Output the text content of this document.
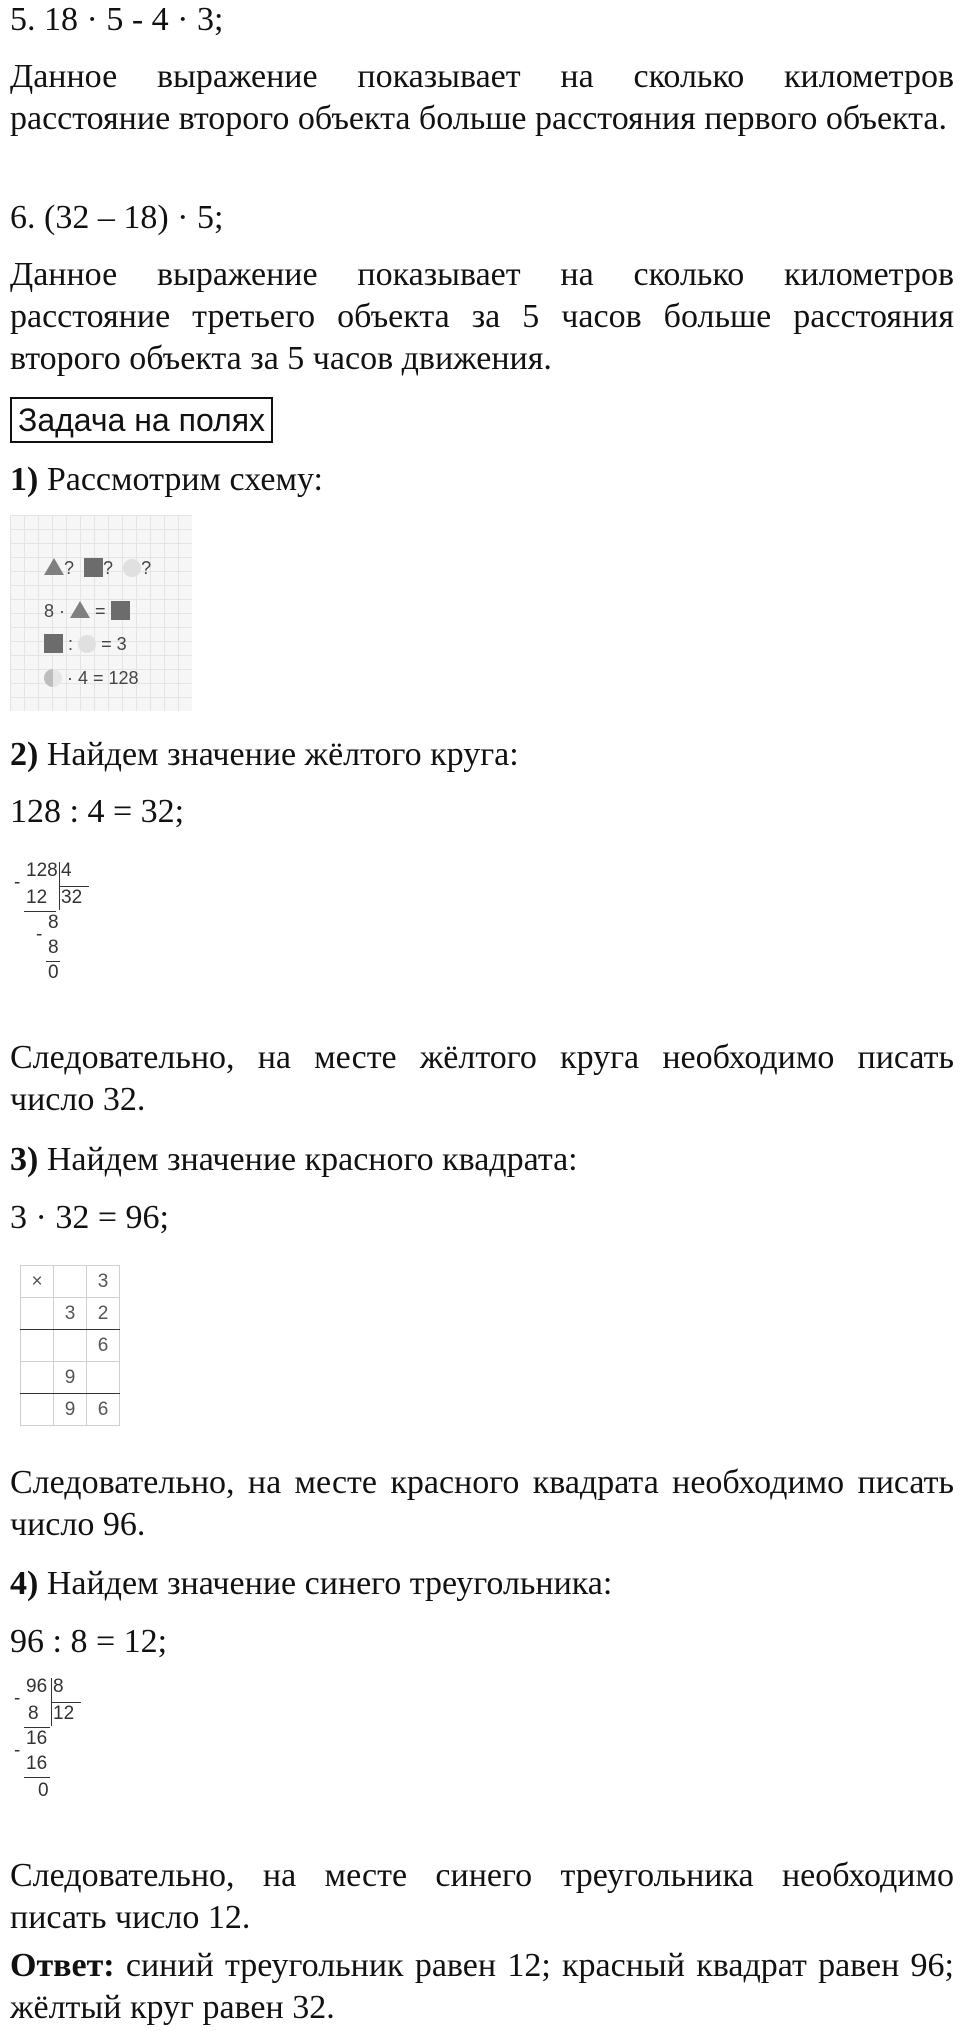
5. 18 · 5 - 4 · 3;

Данное выражение показывает на сколько километров расстояние второго объекта больше расстояния первого объекта.

6. (32 – 18) · 5;

Данное выражение показывает на сколько километров расстояние третьего объекта за 5 часов больше расстояния второго объекта за 5 часов движения.

Задача на полях

1) Рассмотрим схему:

? ? ?
8 · =
: = 3
· 4 = 128

2) Найдем значение жёлтого круга:

128 : 4 = 32;

128 4
-
12 32
8
-
8
0

Следовательно, на месте жёлтого круга необходимо писать число 32.

3) Найдем значение красного квадрата:

3 · 32 = 96;

×		3
	3	2
		6
	9	
	9	6

Следовательно, на месте красного квадрата необходимо писать число 96.

4) Найдем значение синего треугольника:

96 : 8 = 12;

96 8
-
8 12
16
-
16
0

Следовательно, на месте синего треугольника необходимо писать число 12.

Ответ: синий треугольник равен 12; красный квадрат равен 96; жёлтый круг равен 32.
